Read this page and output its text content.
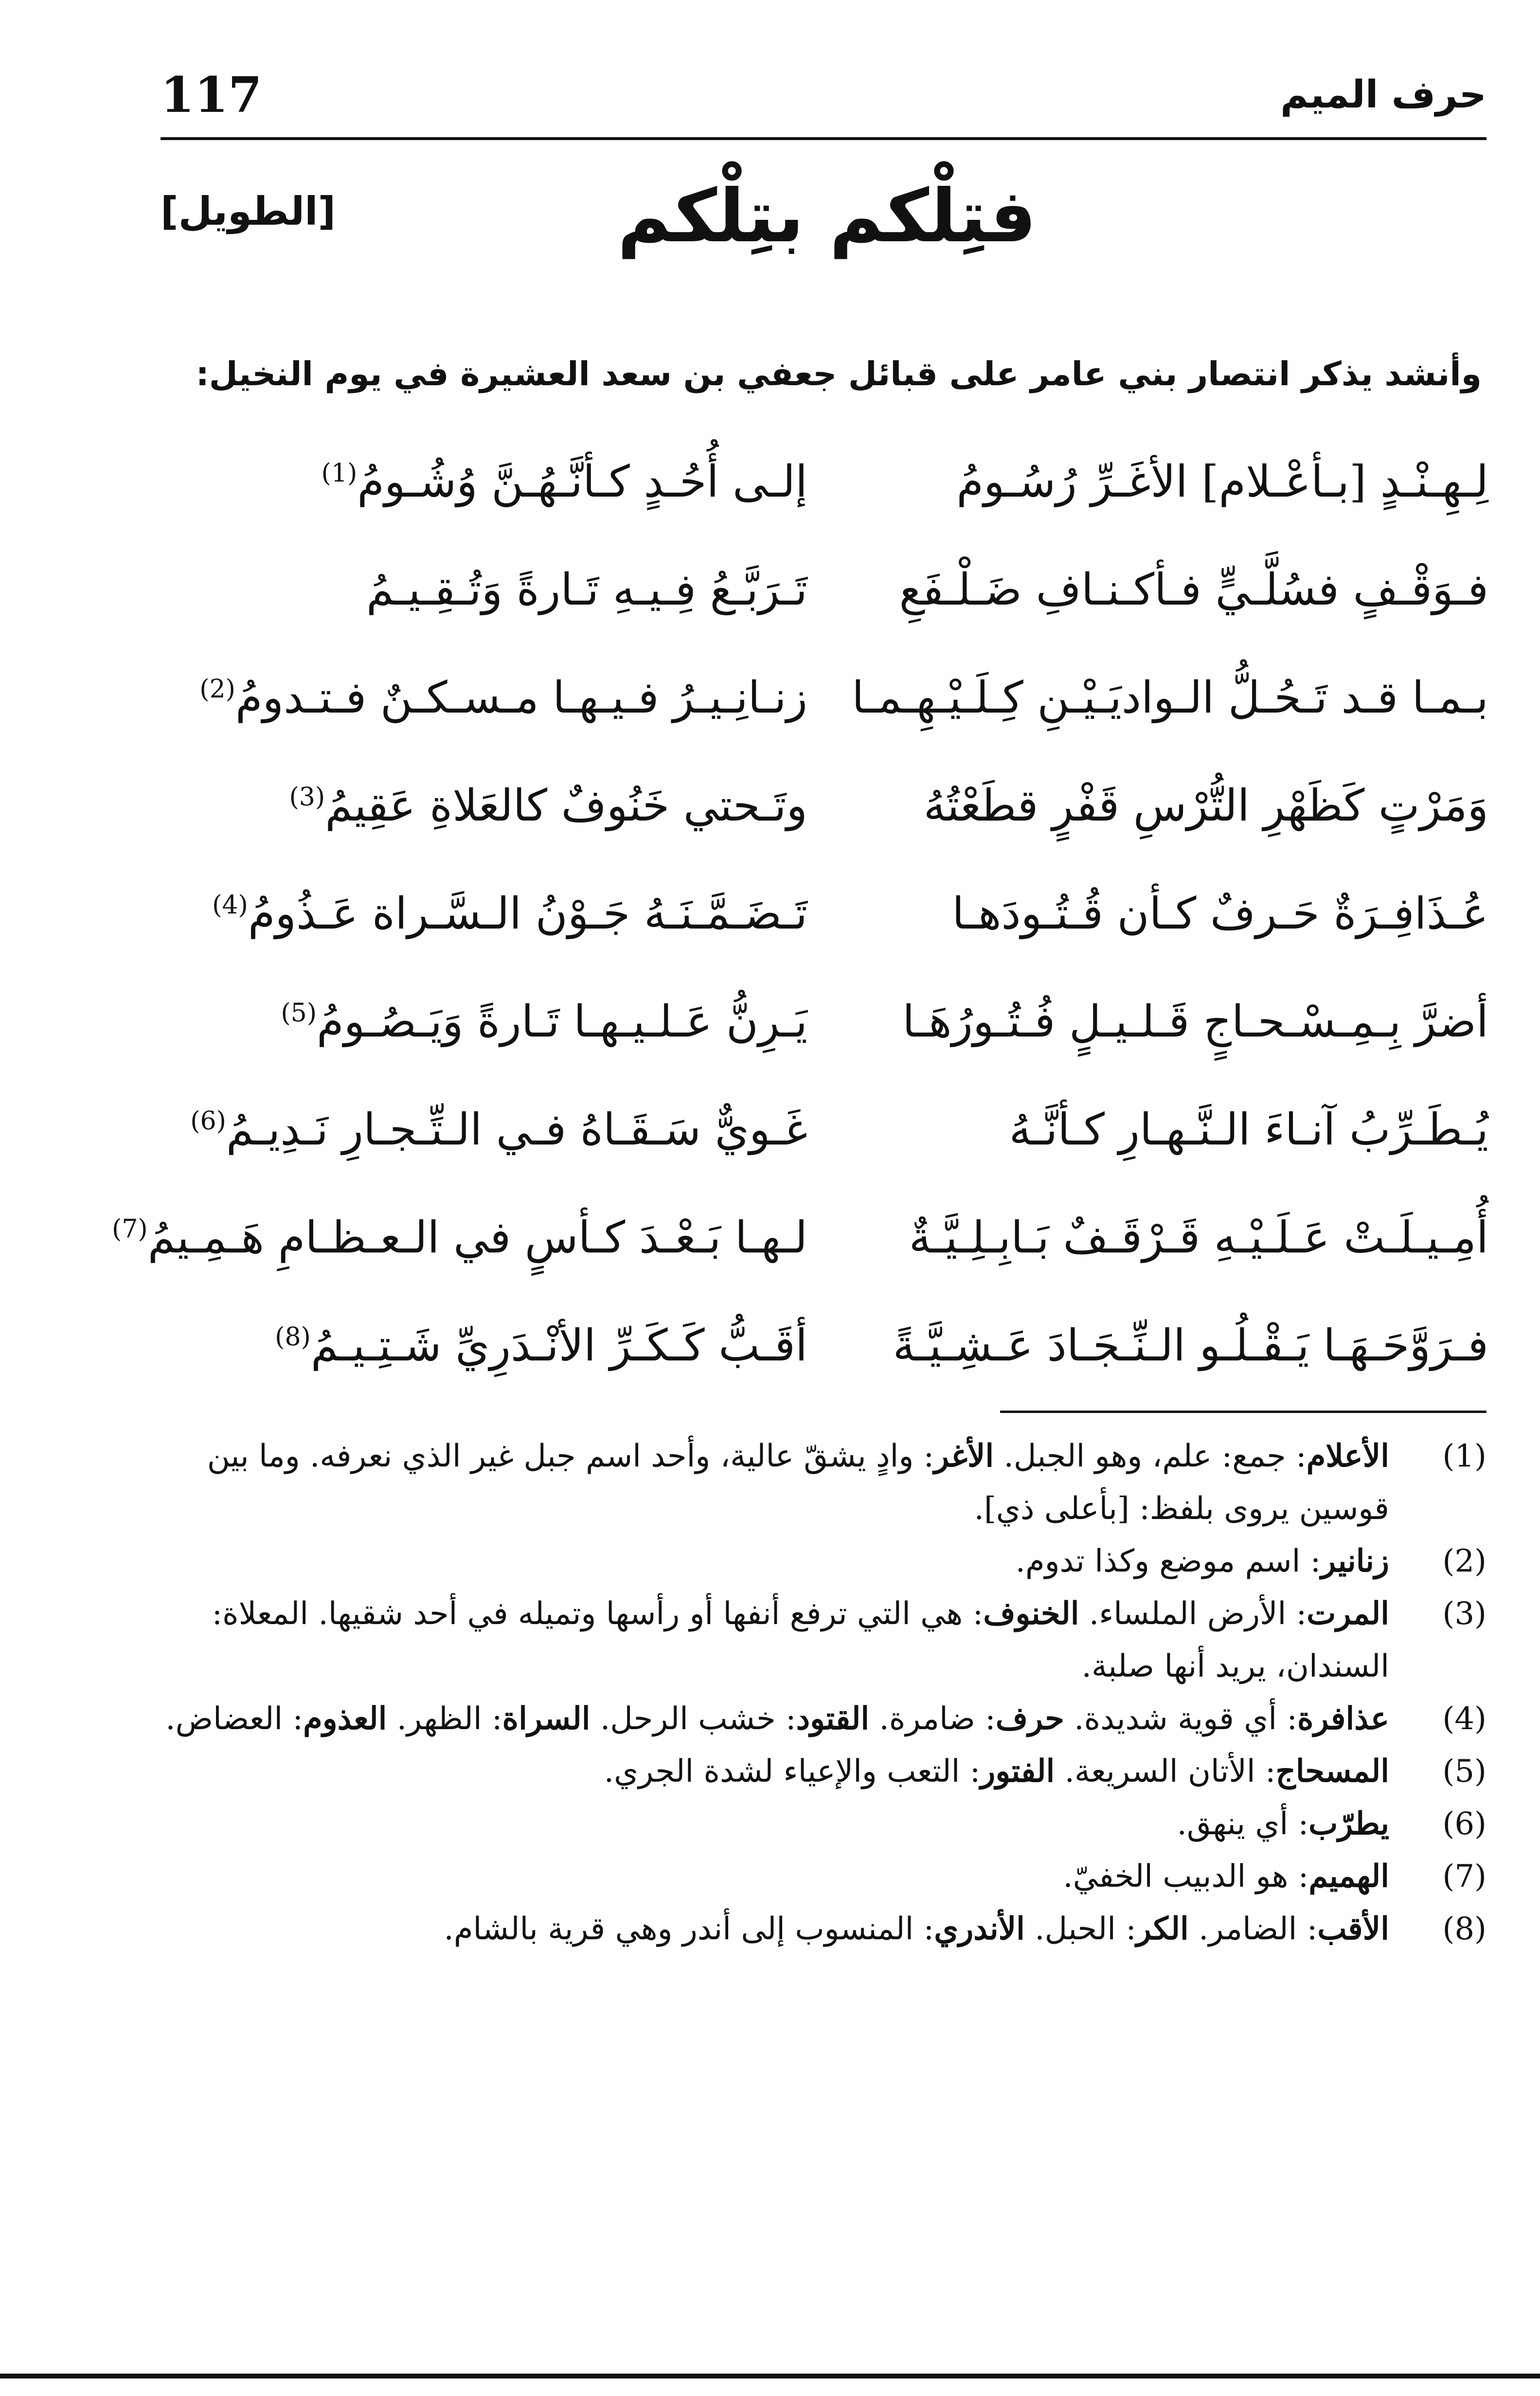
117	حرف الميم
فتِلْكم بتِلْكم
[الطويل]
وأنشد يذكر انتصار بني عامر على قبائل جعفي بن سعد العشيرة في يوم النخيل:
لِـهِـنْـدٍ [بـأعْـلام] الأغَـرِّ رُسُـومُ
إلـى أُحُـدٍ كـأنَّـهُـنَّ وُشُـومُ$^{(1)}$
فـوَقْـفٍ فسُلَّـيٍّ فـأكـنـافِ ضَـلْـفَعِ
تَـرَبَّـعُ فِـيـهِ تَـارةً وَتُـقِـيـمُ
بـمـا قـد تَـحُـلُّ الـواديَـيْـنِ كِـلَـيْـهِـمـا
زنـانِـيـرُ فـيـهـا مـسـكـنٌ فـتـدومُ$^{(2)}$
وَمَرْتٍ كَظَهْرِ التُّرْسِ قَفْرٍ قطَعْتُهُ
وتَـحتي خَنُوفٌ كالعَلاةِ عَقِيمُ$^{(3)}$
عُـذَافِـرَةٌ حَـرفٌ كـأن قُـتُـودَهـا
تَـضَـمَّـنَـهُ جَـوْنُ الـسَّـراة عَـذُومُ$^{(4)}$
أضرَّ بِـمِـسْـحـاجٍ قَـلـيـلٍ فُـتُـورُهَـا
يَـرِنُّ عَـلـيـهـا تَـارةً وَيَـصُـومُ$^{(5)}$
يُـطَـرِّبُ آنـاءَ الـنَّـهـارِ كـأنَّـهُ
غَـويٌّ سَـقَـاهُ فـي الـتِّـجـارِ نَـدِيـمُ$^{(6)}$
أُمِـيـلَـتْ عَـلَـيْـهِ قَـرْقَـفٌ بَـابِـلِـيَّـةٌ
لـهـا بَـعْـدَ كـأسٍ في الـعـظـامِ هَـمِـيمُ$^{(7)}$
فـرَوَّحَـهَـا يَـقْـلُـو الـنِّـجَـادَ عَـشِـيَّـةً
أقَـبُّ كَـكَـرِّ الأنْـدَرِيِّ شَـتِـيـمُ$^{(8)}$
(1)
الأعلام: جمع: علم، وهو الجبل. الأغر: وادٍ يشقّ عالية، وأحد اسم جبل غير الذي نعرفه. وما بين قوسين يروى بلفظ: [بأعلى ذي].
(2)
زنانير: اسم موضع وكذا تدوم.
(3)
المرت: الأرض الملساء. الخنوف: هي التي ترفع أنفها أو رأسها وتميله في أحد شقيها. المعلاة: السندان، يريد أنها صلبة.
(4)
عذافرة: أي قوية شديدة. حرف: ضامرة. القتود: خشب الرحل. السراة: الظهر. العذوم: العضاض.
(5)
المسحاج: الأتان السريعة. الفتور: التعب والإعياء لشدة الجري.
(6)
يطرّب: أي ينهق.
(7)
الهميم: هو الدبيب الخفيّ.
(8)
الأقب: الضامر. الكر: الحبل. الأندري: المنسوب إلى أندر وهي قرية بالشام.
